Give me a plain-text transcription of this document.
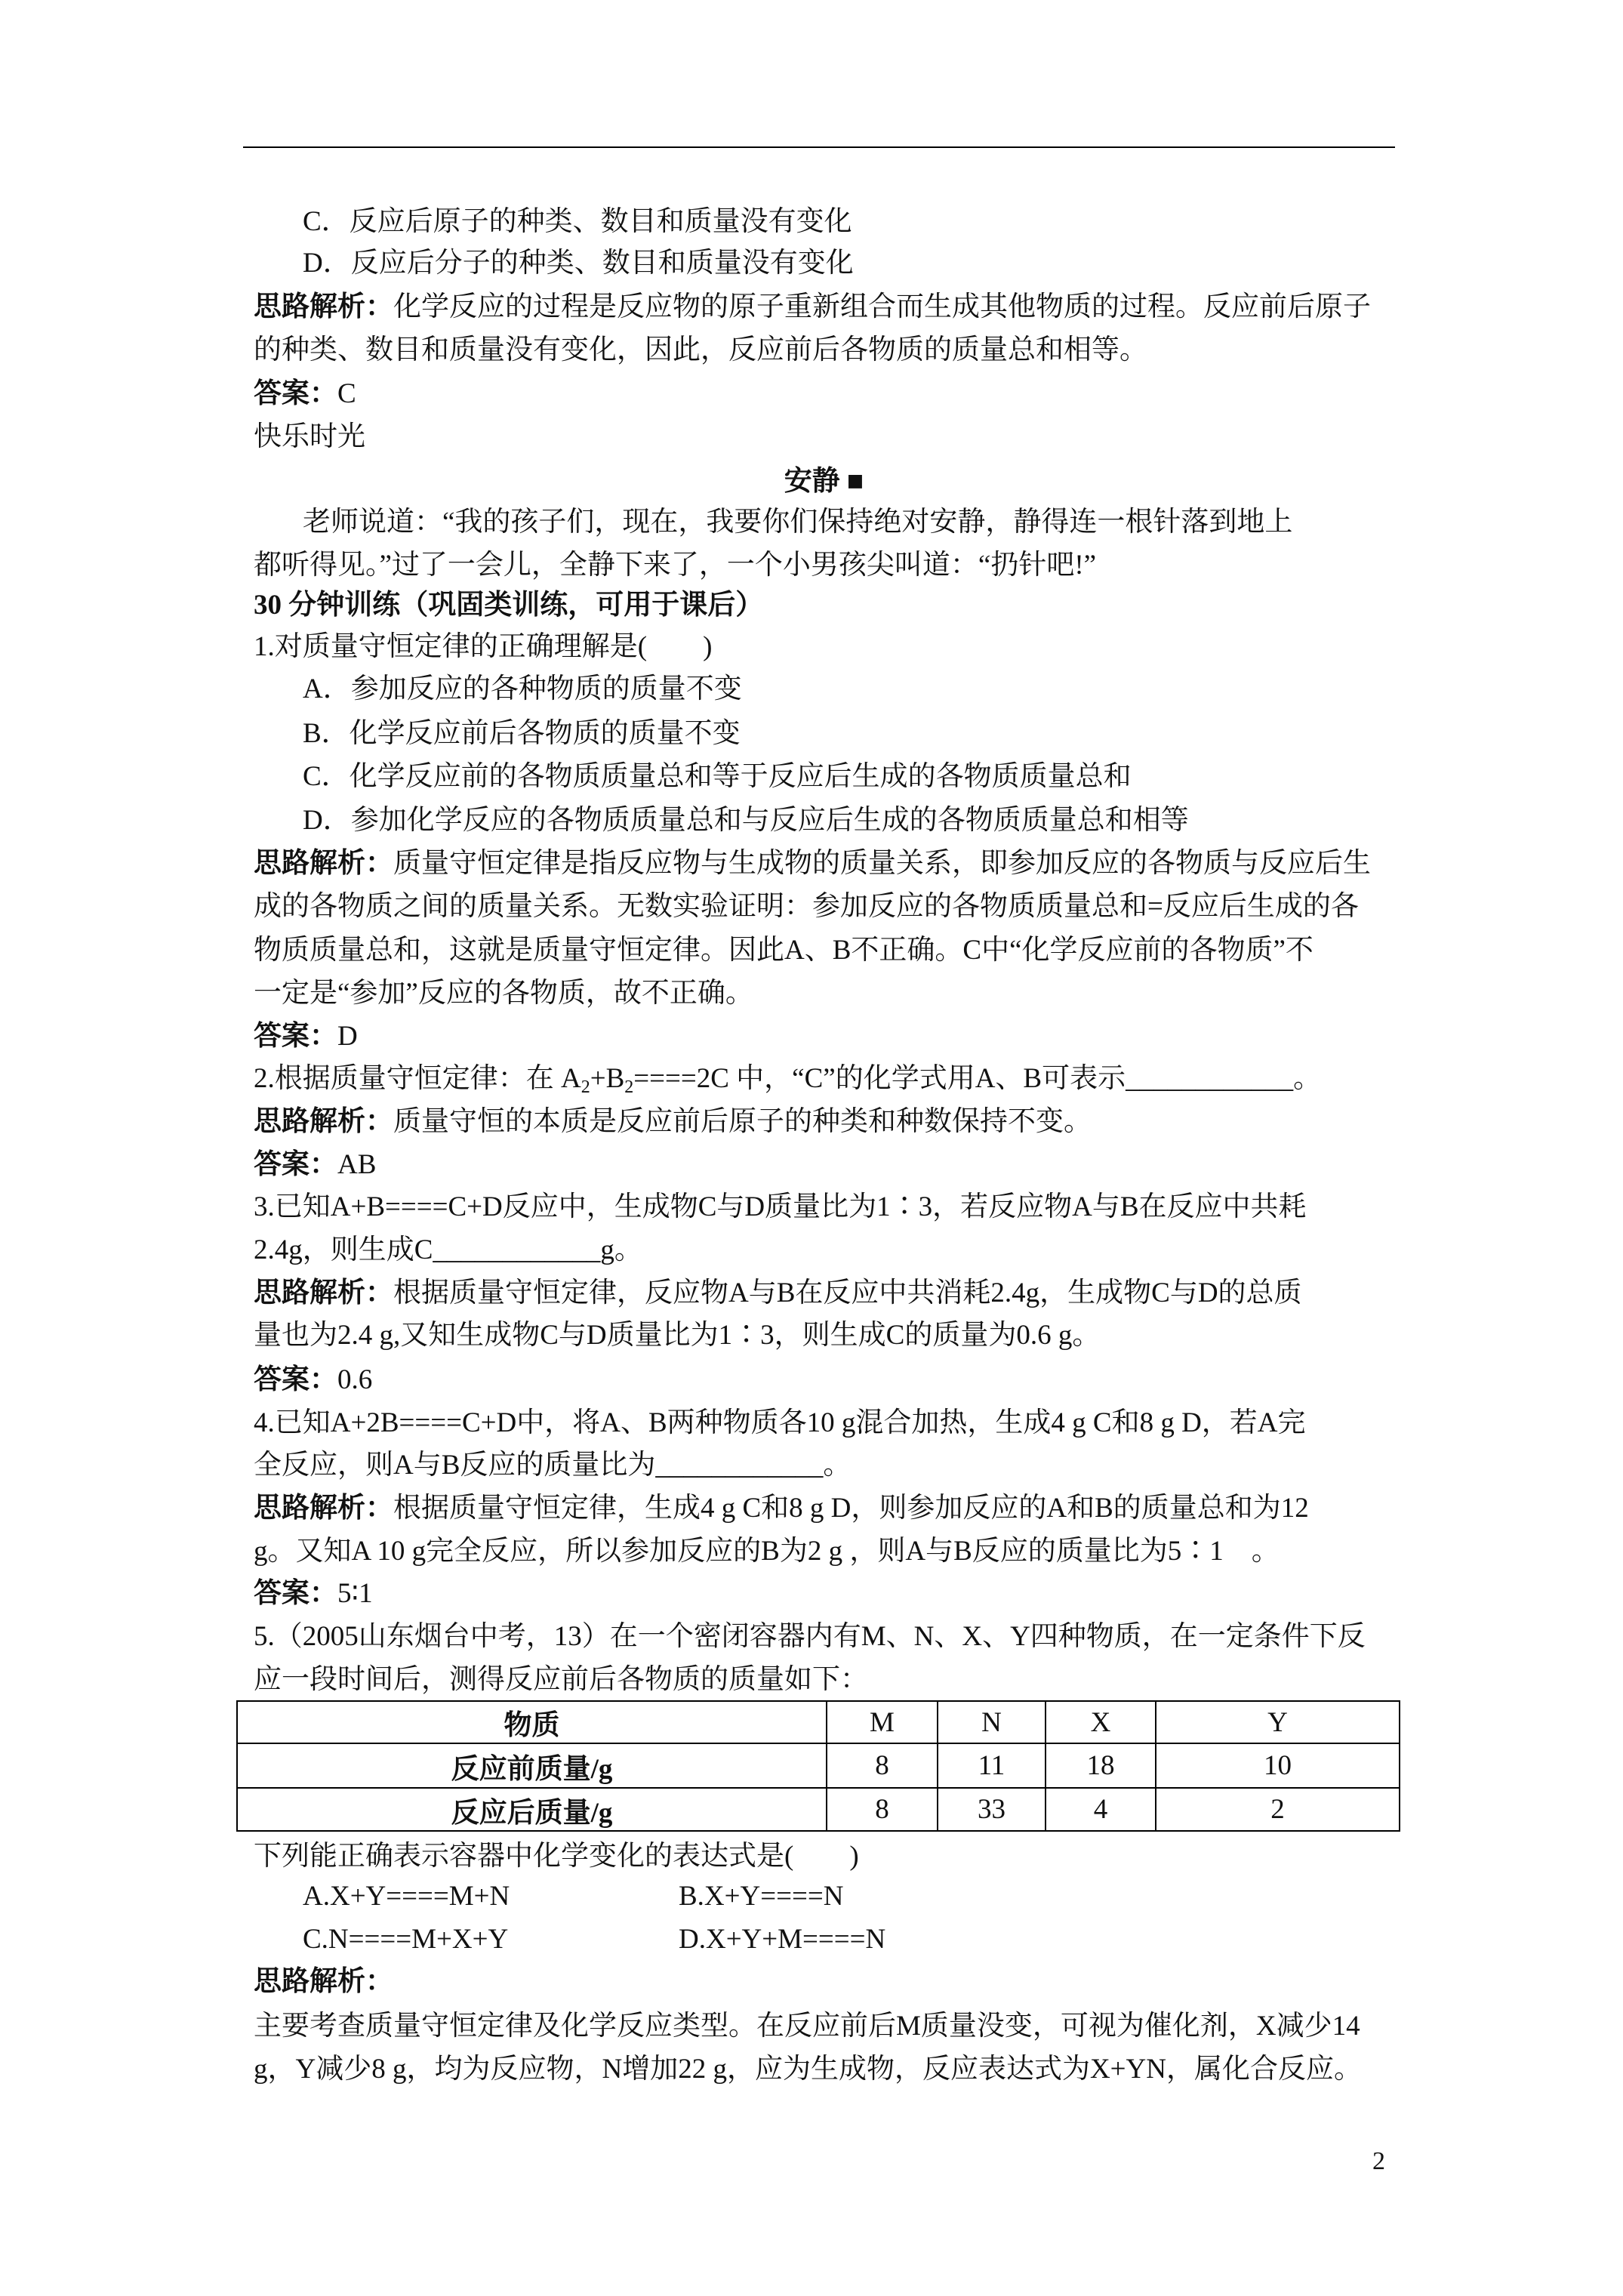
C．反应后原子的种类、数目和质量没有变化
D．反应后分子的种类、数目和质量没有变化
思路解析：化学反应的过程是反应物的原子重新组合而生成其他物质的过程。反应前后原子
的种类、数目和质量没有变化，因此，反应前后各物质的质量总和相等。
答案：C
快乐时光
安静 ■
老师说道：“我的孩子们，现在，我要你们保持绝对安静，静得连一根针落到地上
都听得见。”过了一会儿，全静下来了，一个小男孩尖叫道：“扔针吧!”
30 分钟训练（巩固类训练，可用于课后）
1.对质量守恒定律的正确理解是(　　)
A．参加反应的各种物质的质量不变
B．化学反应前后各物质的质量不变
C．化学反应前的各物质质量总和等于反应后生成的各物质质量总和
D．参加化学反应的各物质质量总和与反应后生成的各物质质量总和相等
思路解析：质量守恒定律是指反应物与生成物的质量关系，即参加反应的各物质与反应后生
成的各物质之间的质量关系。无数实验证明：参加反应的各物质质量总和=反应后生成的各
物质质量总和，这就是质量守恒定律。因此A、B不正确。C中“化学反应前的各物质”不
一定是“参加”反应的各物质，故不正确。
答案：D
2.根据质量守恒定律：在 $A_2+B_2====2C$ 中，“C”的化学式用A、B可表示____________。
思路解析：质量守恒的本质是反应前后原子的种类和种数保持不变。
答案：AB
3.已知A+B====C+D反应中，生成物C与D质量比为1∶3，若反应物A与B在反应中共耗
2.4g，则生成C____________g。
思路解析：根据质量守恒定律，反应物A与B在反应中共消耗2.4g，生成物C与D的总质
量也为2.4 g,又知生成物C与D质量比为1∶3，则生成C的质量为0.6 g。
答案：0.6
4.已知A+2B====C+D中，将A、B两种物质各10 g混合加热，生成4 g C和8 g D，若A完
全反应，则A与B反应的质量比为____________。
思路解析：根据质量守恒定律，生成4 g C和8 g D，则参加反应的A和B的质量总和为12
g。又知A 10 g完全反应，所以参加反应的B为2 g ，则A与B反应的质量比为5∶1　。
答案：5∶1
5.（2005山东烟台中考，13）在一个密闭容器内有M、N、X、Y四种物质，在一定条件下反
应一段时间后，测得反应前后各物质的质量如下：
物质	M	N	X	Y
反应前质量/g	8	11	18	10
反应后质量/g	8	33	4	2
下列能正确表示容器中化学变化的表达式是(　　)
A.X+Y====M+N	B.X+Y====N
C.N====M+X+Y	D.X+Y+M====N
思路解析：
主要考查质量守恒定律及化学反应类型。在反应前后M质量没变，可视为催化剂，X减少14
g，Y减少8 g，均为反应物，N增加22 g，应为生成物，反应表达式为X+YN，属化合反应。
2
